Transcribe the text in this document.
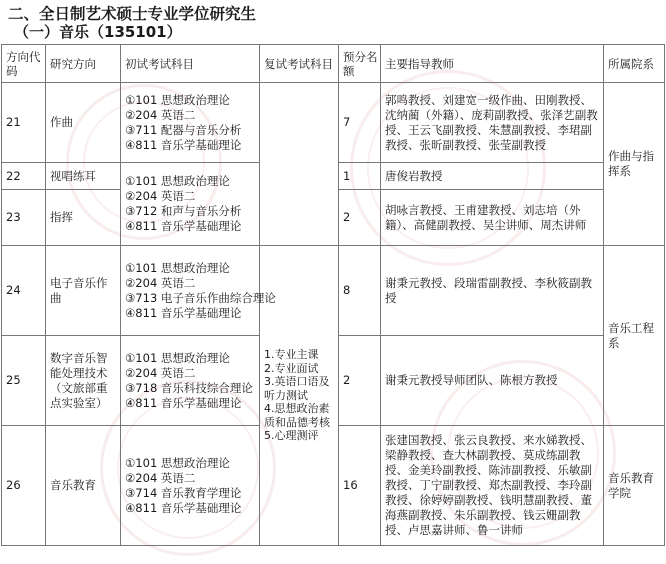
二、全日制艺术硕士专业学位研究生
（一）音乐（135101）
方向代码	研究方向	初试考试科目	复试考试科目	预分名额	主要指导教师	所属院系
21	作曲	①101 思想政治理论
②204 英语二
③711 配器与音乐分析
④811 音乐学基础理论		7	郭鸣教授、刘建宽一级作曲、田刚教授、沈纳蔺（外籍）、庞莉副教授、张泽艺副教授、王云飞副教授、朱慧副教授、李珺副教授、张昕副教授、张莹副教授	作曲与指挥系
22	视唱练耳	①101 思想政治理论
②204 英语二
③712 和声与音乐分析
④811 音乐学基础理论		1	唐俊岩教授	
23	指挥			2	胡咏言教授、王甫建教授、刘志培（外籍）、高健副教授、吴尘讲师、周杰讲师	
24	电子音乐作曲	①101 思想政治理论
②204 英语二
③713 电子音乐作曲综合理论
④811 音乐学基础理论	1.专业主课
2.专业面试
3.英语口语及听力测试
4.思想政治素质和品德考核
5.心理测评	8	谢秉元教授、段瑞雷副教授、李秋筱副教授	音乐工程系
25	数字音乐智能处理技术（文旅部重点实验室）	①101 思想政治理论
②204 英语二
③718 音乐科技综合理论
④811 音乐学基础理论		2	谢秉元教授导师团队、陈根方教授	
26	音乐教育	①101 思想政治理论
②204 英语二
③714 音乐教育学理论
④811 音乐学基础理论		16	张建国教授、张云良教授、来水娣教授、梁静教授、查大林副教授、莫成练副教授、金美玲副教授、陈沛副教授、乐敏副教授、丁宁副教授、郑杰副教授、李玲副教授、徐婷婷副教授、钱明慧副教授、董海燕副教授、朱乐副教授、钱云姗副教授、卢思嘉讲师、鲁一讲师	音乐教育学院
